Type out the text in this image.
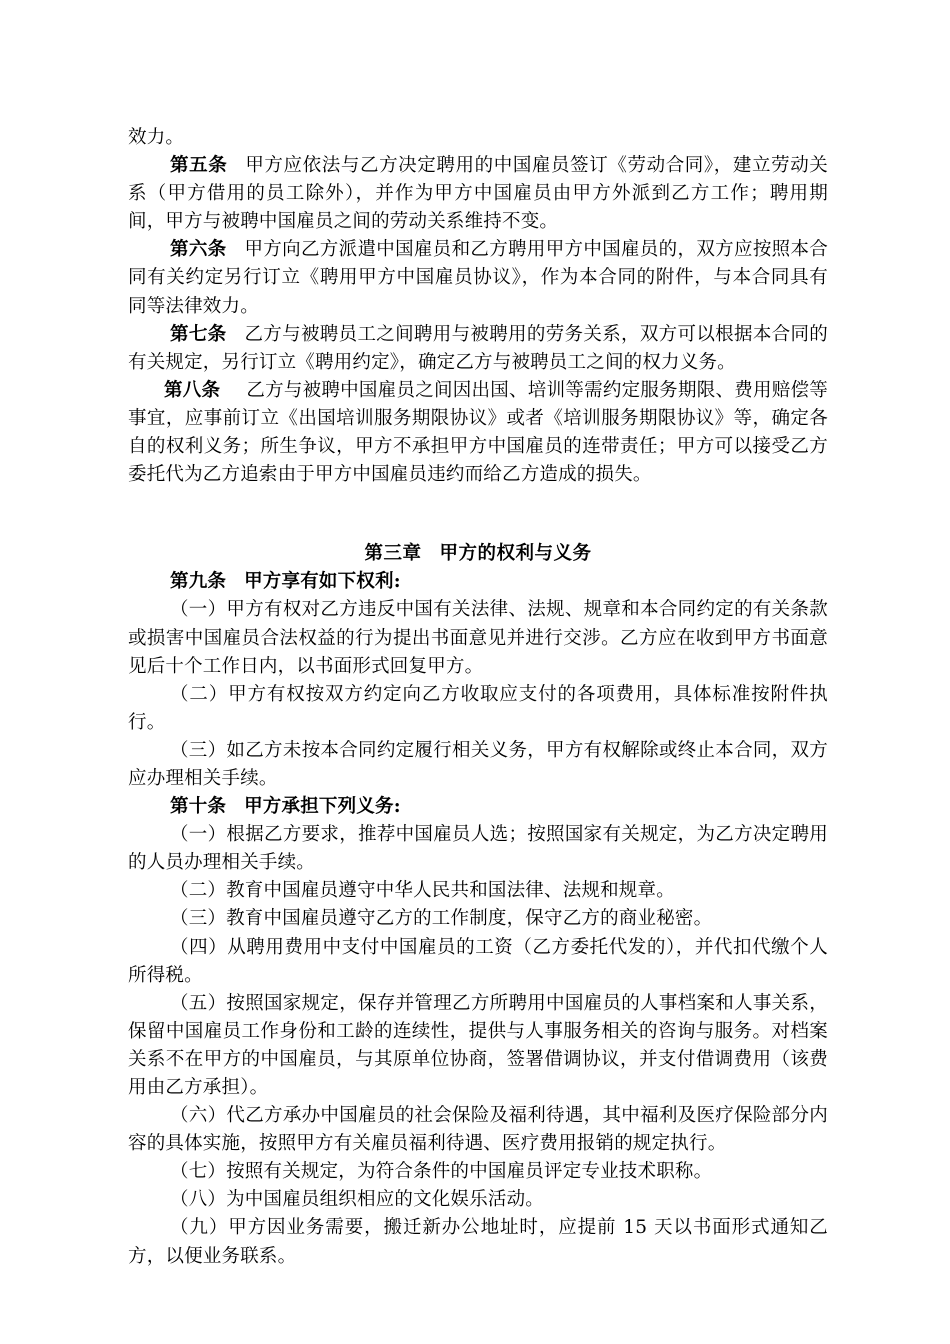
效力。

第五条 甲方应依法与乙方决定聘用的中国雇员签订《劳动合同》，建立劳动关系（甲方借用的员工除外），并作为甲方中国雇员由甲方外派到乙方工作；聘用期间，甲方与被聘中国雇员之间的劳动关系维持不变。

第六条 甲方向乙方派遣中国雇员和乙方聘用甲方中国雇员的，双方应按照本合同有关约定另行订立《聘用甲方中国雇员协议》，作为本合同的附件，与本合同具有同等法律效力。

第七条 乙方与被聘员工之间聘用与被聘用的劳务关系，双方可以根据本合同的有关规定，另行订立《聘用约定》，确定乙方与被聘员工之间的权力义务。

第八条 乙方与被聘中国雇员之间因出国、培训等需约定服务期限、费用赔偿等事宜，应事前订立《出国培训服务期限协议》或者《培训服务期限协议》等，确定各自的权利义务；所生争议，甲方不承担甲方中国雇员的连带责任；甲方可以接受乙方委托代为乙方追索由于甲方中国雇员违约而给乙方造成的损失。

第三章 甲方的权利与义务

第九条 甲方享有如下权利:

（一）甲方有权对乙方违反中国有关法律、法规、规章和本合同约定的有关条款或损害中国雇员合法权益的行为提出书面意见并进行交涉。乙方应在收到甲方书面意见后十个工作日内，以书面形式回复甲方。

（二）甲方有权按双方约定向乙方收取应支付的各项费用，具体标准按附件执行。

（三）如乙方未按本合同约定履行相关义务，甲方有权解除或终止本合同，双方应办理相关手续。

第十条 甲方承担下列义务:

（一）根据乙方要求，推荐中国雇员人选；按照国家有关规定，为乙方决定聘用的人员办理相关手续。

（二）教育中国雇员遵守中华人民共和国法律、法规和规章。

（三）教育中国雇员遵守乙方的工作制度，保守乙方的商业秘密。

（四）从聘用费用中支付中国雇员的工资（乙方委托代发的），并代扣代缴个人所得税。

（五）按照国家规定，保存并管理乙方所聘用中国雇员的人事档案和人事关系，保留中国雇员工作身份和工龄的连续性，提供与人事服务相关的咨询与服务。对档案关系不在甲方的中国雇员，与其原单位协商，签署借调协议，并支付借调费用（该费用由乙方承担）。

（六）代乙方承办中国雇员的社会保险及福利待遇，其中福利及医疗保险部分内容的具体实施，按照甲方有关雇员福利待遇、医疗费用报销的规定执行。

（七）按照有关规定，为符合条件的中国雇员评定专业技术职称。

（八）为中国雇员组织相应的文化娱乐活动。

（九）甲方因业务需要，搬迁新办公地址时，应提前 15 天以书面形式通知乙方，以便业务联系。
